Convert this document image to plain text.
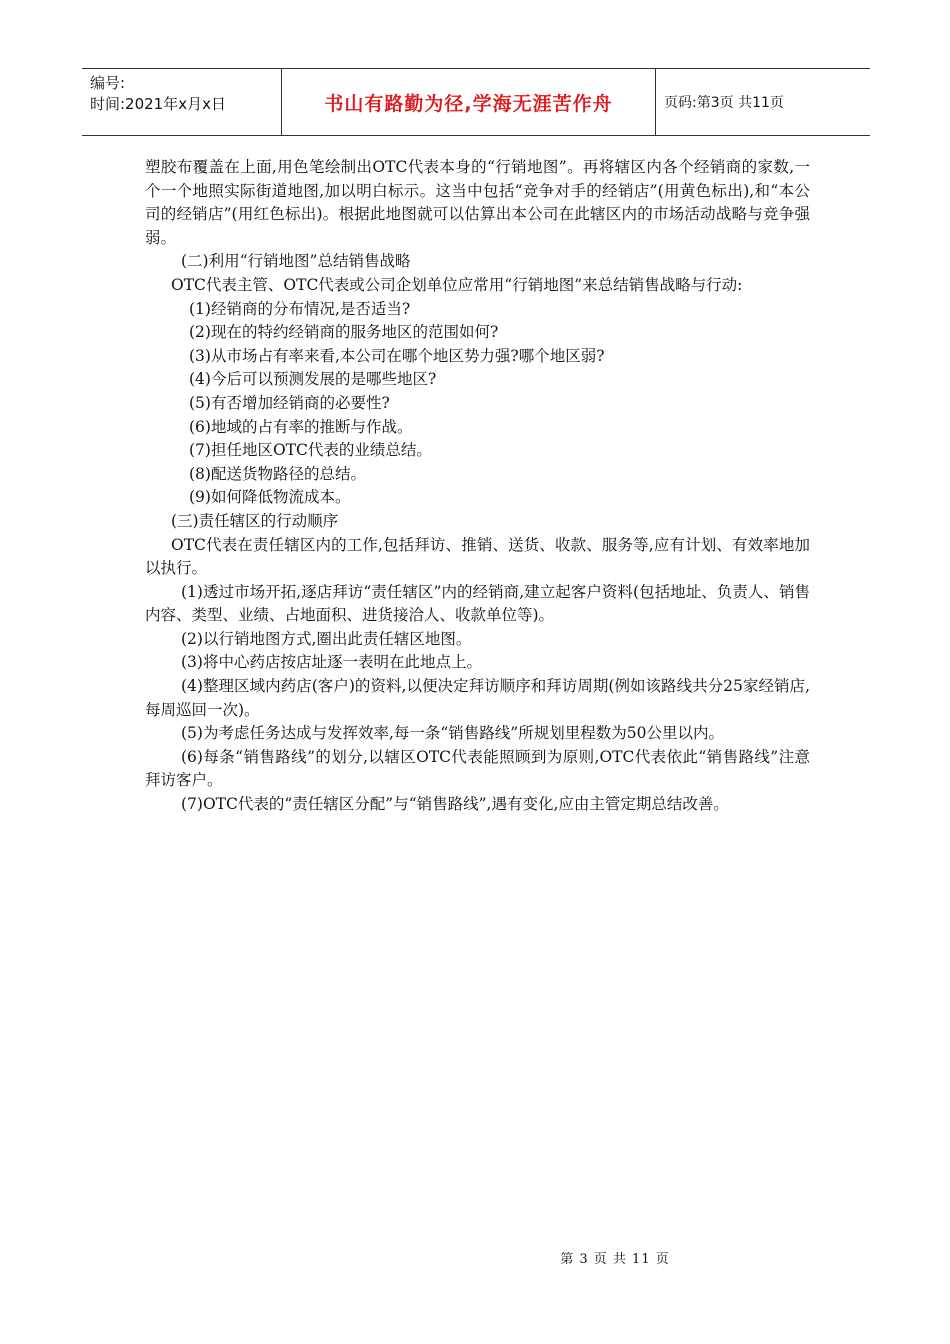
编号:
时间:2021年x月x日	书山有路勤为径,学海无涯苦作舟	页码:第3页 共11页

塑胶布覆盖在上面,用色笔绘制出OTC代表本身的“行销地图”。再将辖区内各个经销商的家数,一个一个地照实际街道地图,加以明白标示。这当中包括“竞争对手的经销店”(用黄色标出),和“本公司的经销店”(用红色标出)。根据此地图就可以估算出本公司在此辖区内的市场活动战略与竞争强弱。

(二)利用“行销地图”总结销售战略

OTC代表主管、OTC代表或公司企划单位应常用“行销地图”来总结销售战略与行动:

(1)经销商的分布情况,是否适当?

(2)现在的特约经销商的服务地区的范围如何?

(3)从市场占有率来看,本公司在哪个地区势力强?哪个地区弱?

(4)今后可以预测发展的是哪些地区?

(5)有否增加经销商的必要性?

(6)地域的占有率的推断与作战。

(7)担任地区OTC代表的业绩总结。

(8)配送货物路径的总结。

(9)如何降低物流成本。

(三)责任辖区的行动顺序

OTC代表在责任辖区内的工作,包括拜访、推销、送货、收款、服务等,应有计划、有效率地加以执行。

(1)透过市场开拓,逐店拜访“责任辖区”内的经销商,建立起客户资料(包括地址、负责人、销售内容、类型、业绩、占地面积、进货接洽人、收款单位等)。

(2)以行销地图方式,圈出此责任辖区地图。

(3)将中心药店按店址逐一表明在此地点上。

(4)整理区域内药店(客户)的资料,以便决定拜访顺序和拜访周期(例如该路线共分25家经销店,每周巡回一次)。

(5)为考虑任务达成与发挥效率,每一条“销售路线”所规划里程数为50公里以内。

(6)每条“销售路线”的划分,以辖区OTC代表能照顾到为原则,OTC代表依此“销售路线”注意拜访客户。

(7)OTC代表的“责任辖区分配”与“销售路线”,遇有变化,应由主管定期总结改善。

第 3 页 共 11 页
